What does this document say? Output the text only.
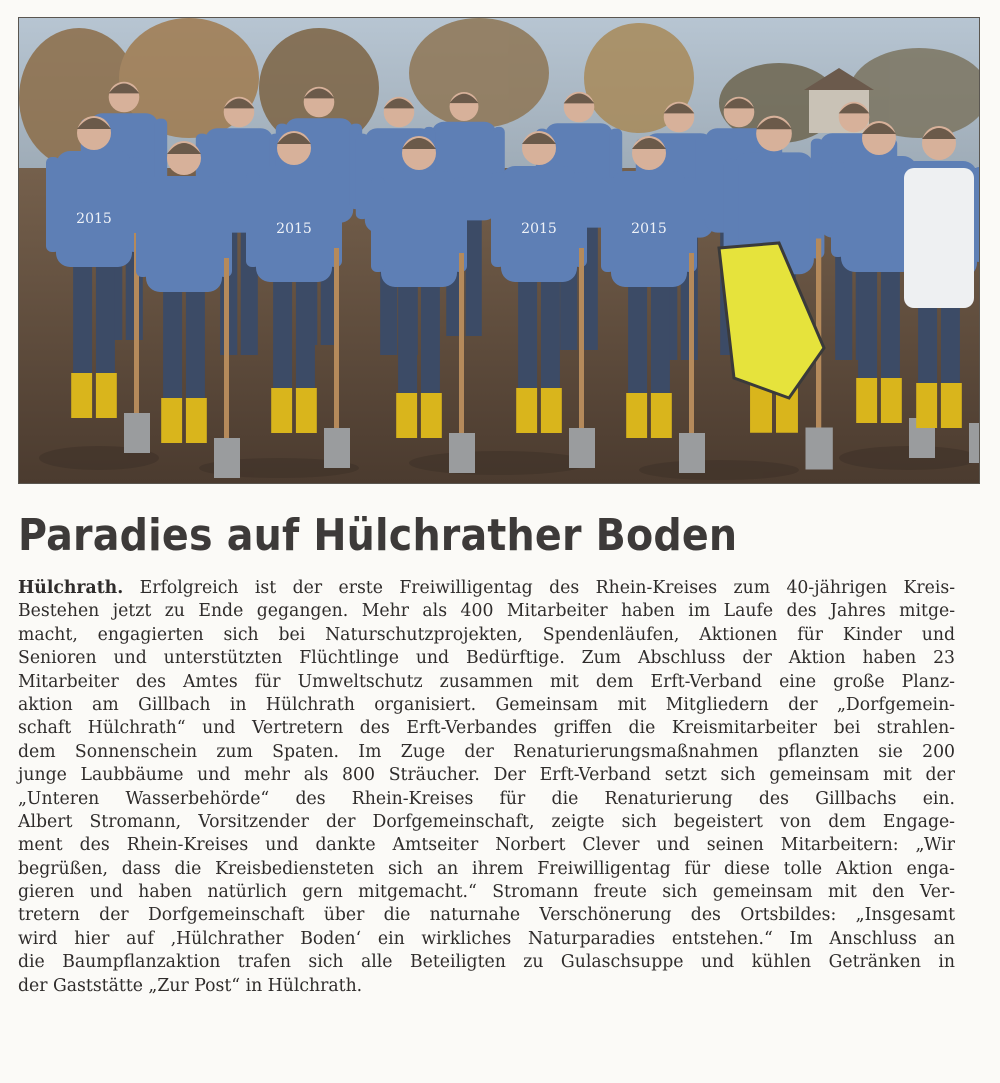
2015
2015	2015	2015
Paradies auf Hülchrather Boden
Hülchrath. Erfolgreich ist der erste Freiwilligentag des Rhein-Kreises zum 40-jährigen Kreis-
Bestehen jetzt zu Ende gegangen. Mehr als 400 Mitarbeiter haben im Laufe des Jahres mitge-
macht, engagierten sich bei Naturschutzprojekten, Spendenläufen, Aktionen für Kinder und
Senioren und unterstützten Flüchtlinge und Bedürftige. Zum Abschluss der Aktion haben 23
Mitarbeiter des Amtes für Umweltschutz zusammen mit dem Erft-Verband eine große Planz-
aktion am Gillbach in Hülchrath organisiert. Gemeinsam mit Mitgliedern der „Dorfgemein-
schaft Hülchrath“ und Vertretern des Erft-Verbandes griffen die Kreismitarbeiter bei strahlen-
dem Sonnenschein zum Spaten. Im Zuge der Renaturierungsmaßnahmen pflanzten sie 200
junge Laubbäume und mehr als 800 Sträucher. Der Erft-Verband setzt sich gemeinsam mit der
„Unteren Wasserbehörde“ des Rhein-Kreises für die Renaturierung des Gillbachs ein.
Albert Stromann, Vorsitzender der Dorfgemeinschaft, zeigte sich begeistert von dem Engage-
ment des Rhein-Kreises und dankte Amtseiter Norbert Clever und seinen Mitarbeitern: „Wir
begrüßen, dass die Kreisbediensteten sich an ihrem Freiwilligentag für diese tolle Aktion enga-
gieren und haben natürlich gern mitgemacht.“ Stromann freute sich gemeinsam mit den Ver-
tretern der Dorfgemeinschaft über die naturnahe Verschönerung des Ortsbildes: „Insgesamt
wird hier auf ‚Hülchrather Boden‘ ein wirkliches Naturparadies entstehen.“ Im Anschluss an
die Baumpflanzaktion trafen sich alle Beteiligten zu Gulaschsuppe und kühlen Getränken in
der Gaststätte „Zur Post“ in Hülchrath.
